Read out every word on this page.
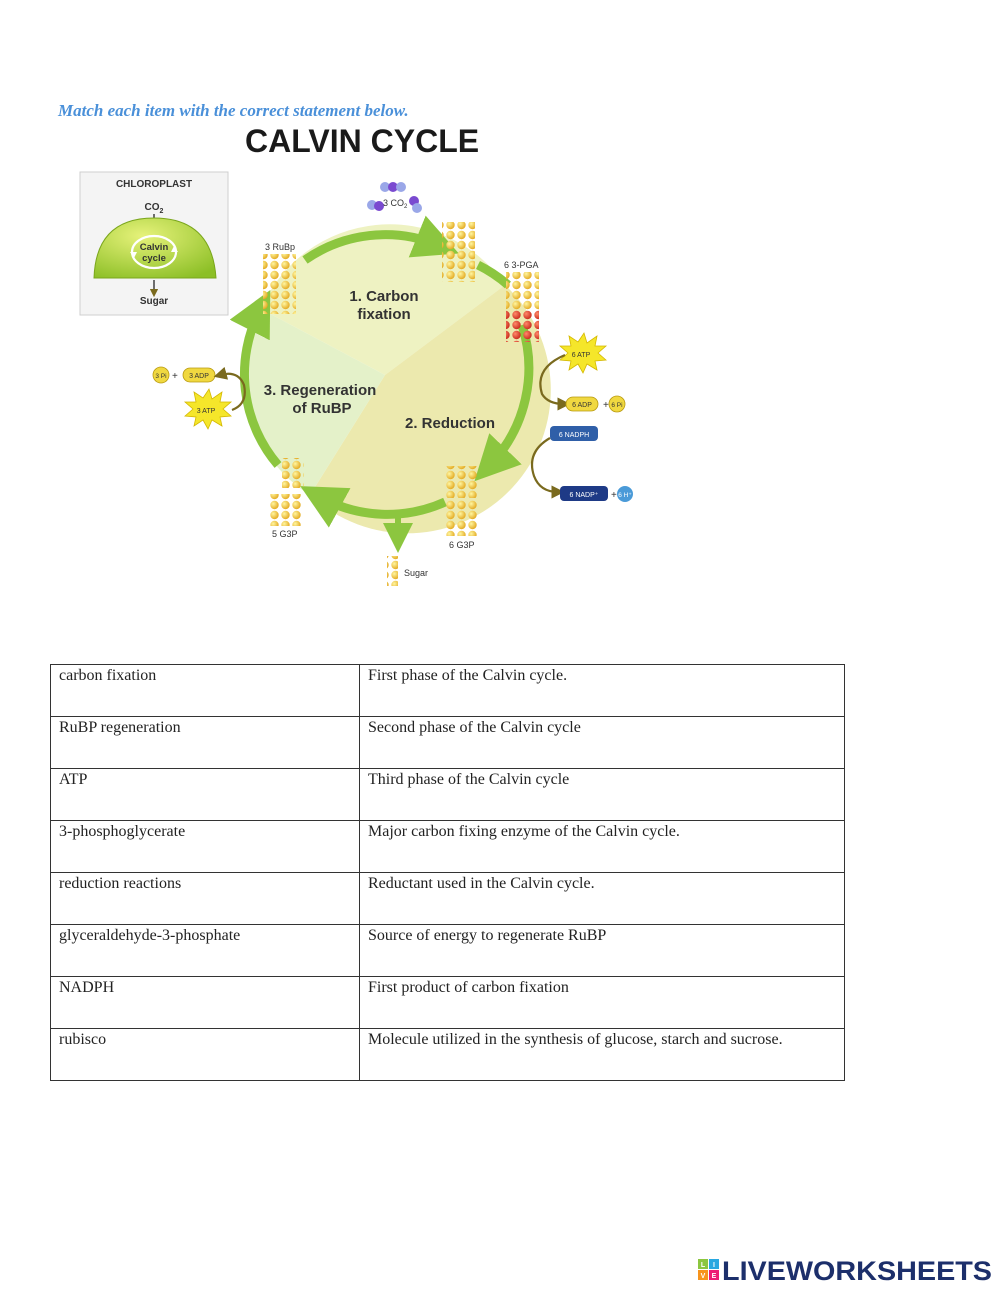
Match each item with the correct statement below.

CALVIN CYCLE
CHLOROPLAST
$CO_2$
Calvin
cycle
Sugar	1. Carbon
fixation
2. Reduction
3. Regeneration
of RuBP
3 $CO_2$
3 RuBp
6 3-PGA
6 G3P
5 G3P
Sugar
6 ATP
6 ADP + 6 Pi
6 NADPH
6 NADP⁺ + 6 H⁺
3 Pi + 3 ADP
3 ATP
carbon fixation	First phase of the Calvin cycle.
RuBP regeneration	Second phase of the Calvin cycle
ATP	Third phase of the Calvin cycle
3-phosphoglycerate	Major carbon fixing enzyme of the Calvin cycle.
reduction reactions	Reductant used in the Calvin cycle.
glyceraldehyde-3-phosphate	Source of energy to regenerate RuBP
NADPH	First product of carbon fixation
rubisco	Molecule utilized in the synthesis of glucose, starch and sucrose.
L I
V E LIVEWORKSHEETS
